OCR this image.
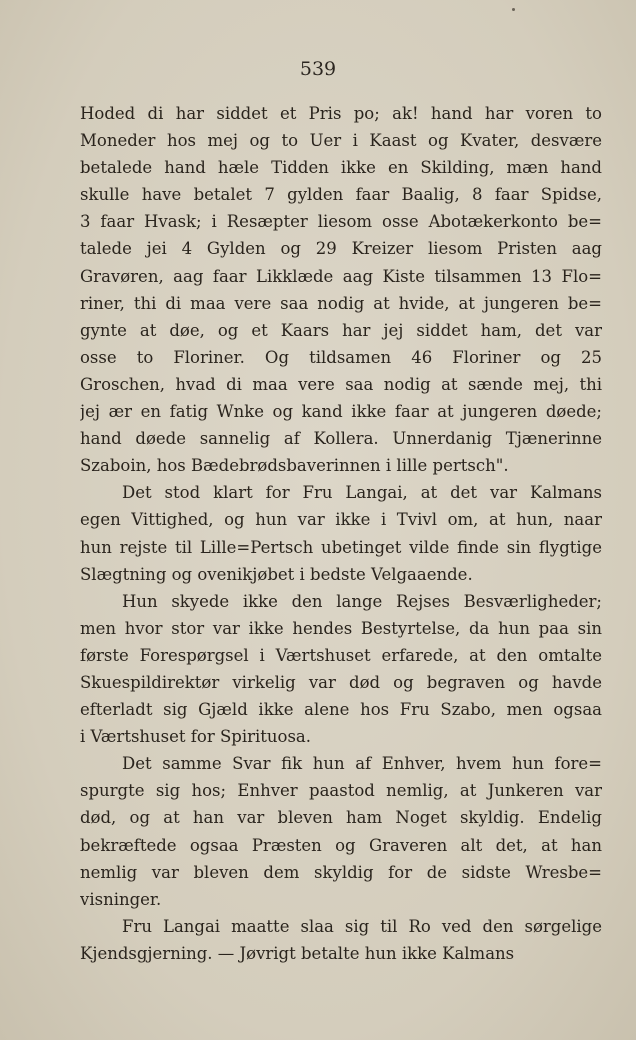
539
Hoded di har siddet et Pris po; ak! hand har voren to
Moneder hos mej og to Uer i Kaast og Kvater, desvære
betalede hand hæle Tidden ikke en Skilding, mæn hand
skulle have betalet 7 gylden faar Baalig, 8 faar Spidse,
3 faar Hvask; i Resæpter liesom osse Abotækerkonto be=
talede jei 4 Gylden og 29 Kreizer liesom Pristen aag
Gravøren, aag faar Likklæde aag Kiste tilsammen 13 Flo=
riner, thi di maa vere saa nodig at hvide, at jungeren be=
gynte at døe, og et Kaars har jej siddet ham, det var
osse to Floriner. Og tildsamen 46 Floriner og 25
Groschen, hvad di maa vere saa nodig at sænde mej, thi
jej ær en fatig Wnke og kand ikke faar at jungeren døede;
hand døede sannelig af Kollera. Unnerdanig Tjænerinne
Szaboin, hos Bædebrødsbaverinnen i lille pertsch".
Det stod klart for Fru Langai, at det var Kalmans
egen Vittighed, og hun var ikke i Tvivl om, at hun, naar
hun rejste til Lille=Pertsch ubetinget vilde finde sin flygtige
Slægtning og ovenikjøbet i bedste Velgaaende.
Hun skyede ikke den lange Rejses Besværligheder;
men hvor stor var ikke hendes Bestyrtelse, da hun paa sin
første Forespørgsel i Værtshuset erfarede, at den omtalte
Skuespildirektør virkelig var død og begraven og havde
efterladt sig Gjæld ikke alene hos Fru Szabo, men ogsaa
i Værtshuset for Spirituosa.
Det samme Svar fik hun af Enhver, hvem hun fore=
spurgte sig hos; Enhver paastod nemlig, at Junkeren var
død, og at han var bleven ham Noget skyldig. Endelig
bekræftede ogsaa Præsten og Graveren alt det, at han
nemlig var bleven dem skyldig for de sidste Wresbe=
visninger.
Fru Langai maatte slaa sig til Ro ved den sørgelige
Kjendsgjerning. — Jøvrigt betalte hun ikke Kalmans
